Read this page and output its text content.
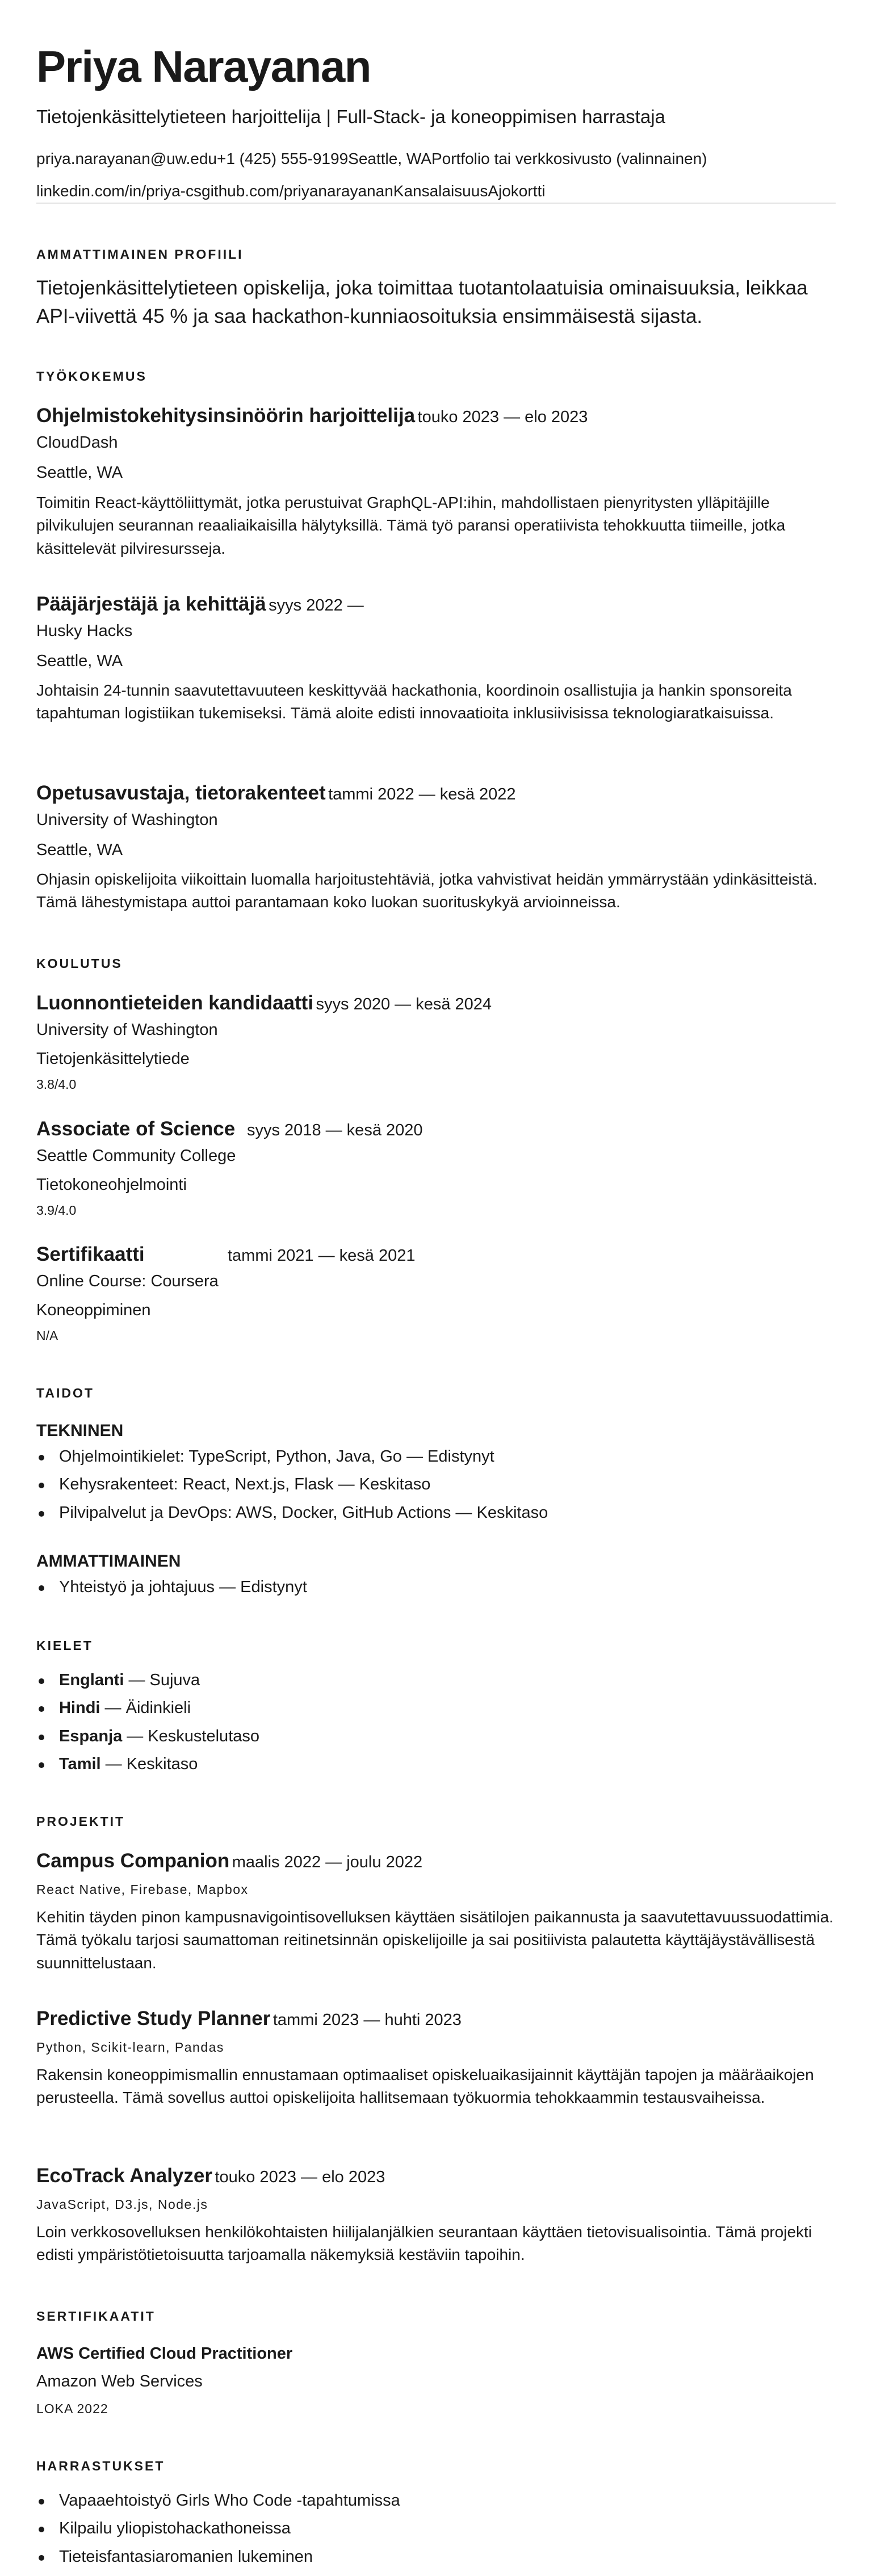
Priya Narayanan
Tietojenkäsittelytieteen harjoittelija | Full-Stack- ja koneoppimisen harrastaja
priya.narayanan@uw.edu +1 (425) 555-9199 Seattle, WA Portfolio tai verkkosivusto (valinnainen)
linkedin.com/in/priya-cs github.com/priyanarayanan Kansalaisuus Ajokortti
AMMATTIMAINEN PROFIILI
Tietojenkäsittelytieteen opiskelija, joka toimittaa tuotantolaatuisia ominaisuuksia, leikkaa API-viivettä 45 % ja saa hackathon-kunniaosoituksia ensimmäisestä sijasta.
TYÖKOKEMUS
Ohjelmistokehitysinsinöörin harjoittelija touko 2023 — elo 2023
CloudDash
Seattle, WA
Toimitin React-käyttöliittymät, jotka perustuivat GraphQL-API:ihin, mahdollistaen pienyritysten ylläpitäjille pilvikulujen seurannan reaaliaikaisilla hälytyksillä. Tämä työ paransi operatiivista tehokkuutta tiimeille, jotka käsittelevät pilviresursseja.
Pääjärjestäjä ja kehittäjä syys 2022 —
Husky Hacks
Seattle, WA
Johtaisin 24-tunnin saavutettavuuteen keskittyvää hackathonia, koordinoin osallistujia ja hankin sponsoreita tapahtuman logistiikan tukemiseksi. Tämä aloite edisti innovaatioita inklusiivisissa teknologiaratkaisuissa.
Opetusavustaja, tietorakenteet tammi 2022 — kesä 2022
University of Washington
Seattle, WA
Ohjasin opiskelijoita viikoittain luomalla harjoitustehtäviä, jotka vahvistivat heidän ymmärrystään ydinkäsitteistä. Tämä lähestymistapa auttoi parantamaan koko luokan suorituskykyä arvioinneissa.
KOULUTUS
Luonnontieteiden kandidaatti syys 2020 — kesä 2024
University of Washington
Tietojenkäsittelytiede
3.8/4.0
Associate of Science syys 2018 — kesä 2020
Seattle Community College
Tietokoneohjelmointi
3.9/4.0
Sertifikaatti	tammi 2021 — kesä 2021
Online Course: Coursera
Koneoppiminen
N/A
TAIDOT
TEKNINEN
Ohjelmointikielet: TypeScript, Python, Java, Go — Edistynyt
Kehysrakenteet: React, Next.js, Flask — Keskitaso
Pilvipalvelut ja DevOps: AWS, Docker, GitHub Actions — Keskitaso
AMMATTIMAINEN
Yhteistyö ja johtajuus — Edistynyt
KIELET
Englanti — Sujuva
Hindi — Äidinkieli
Espanja — Keskustelutaso
Tamil — Keskitaso
PROJEKTIT
Campus Companion maalis 2022 — joulu 2022
React Native, Firebase, Mapbox
Kehitin täyden pinon kampusnavigointisovelluksen käyttäen sisätilojen paikannusta ja saavutettavuussuodattimia. Tämä työkalu tarjosi saumattoman reitinetsinnän opiskelijoille ja sai positiivista palautetta käyttäjäystävällisestä suunnittelustaan.
Predictive Study Planner tammi 2023 — huhti 2023
Python, Scikit-learn, Pandas
Rakensin koneoppimismallin ennustamaan optimaaliset opiskeluaikasijainnit käyttäjän tapojen ja määräaikojen perusteella. Tämä sovellus auttoi opiskelijoita hallitsemaan työkuormia tehokkaammin testausvaiheissa.
EcoTrack Analyzer touko 2023 — elo 2023
JavaScript, D3.js, Node.js
Loin verkkosovelluksen henkilökohtaisten hiilijalanjälkien seurantaan käyttäen tietovisualisointia. Tämä projekti edisti ympäristötietoisuutta tarjoamalla näkemyksiä kestäviin tapoihin.
SERTIFIKAATIT
AWS Certified Cloud Practitioner
Amazon Web Services
LOKA 2022
HARRASTUKSET
Vapaaehtoistyö Girls Who Code -tapahtumissa
Kilpailu yliopistohackathoneissa
Tieteisfantasiaromanien lukeminen
